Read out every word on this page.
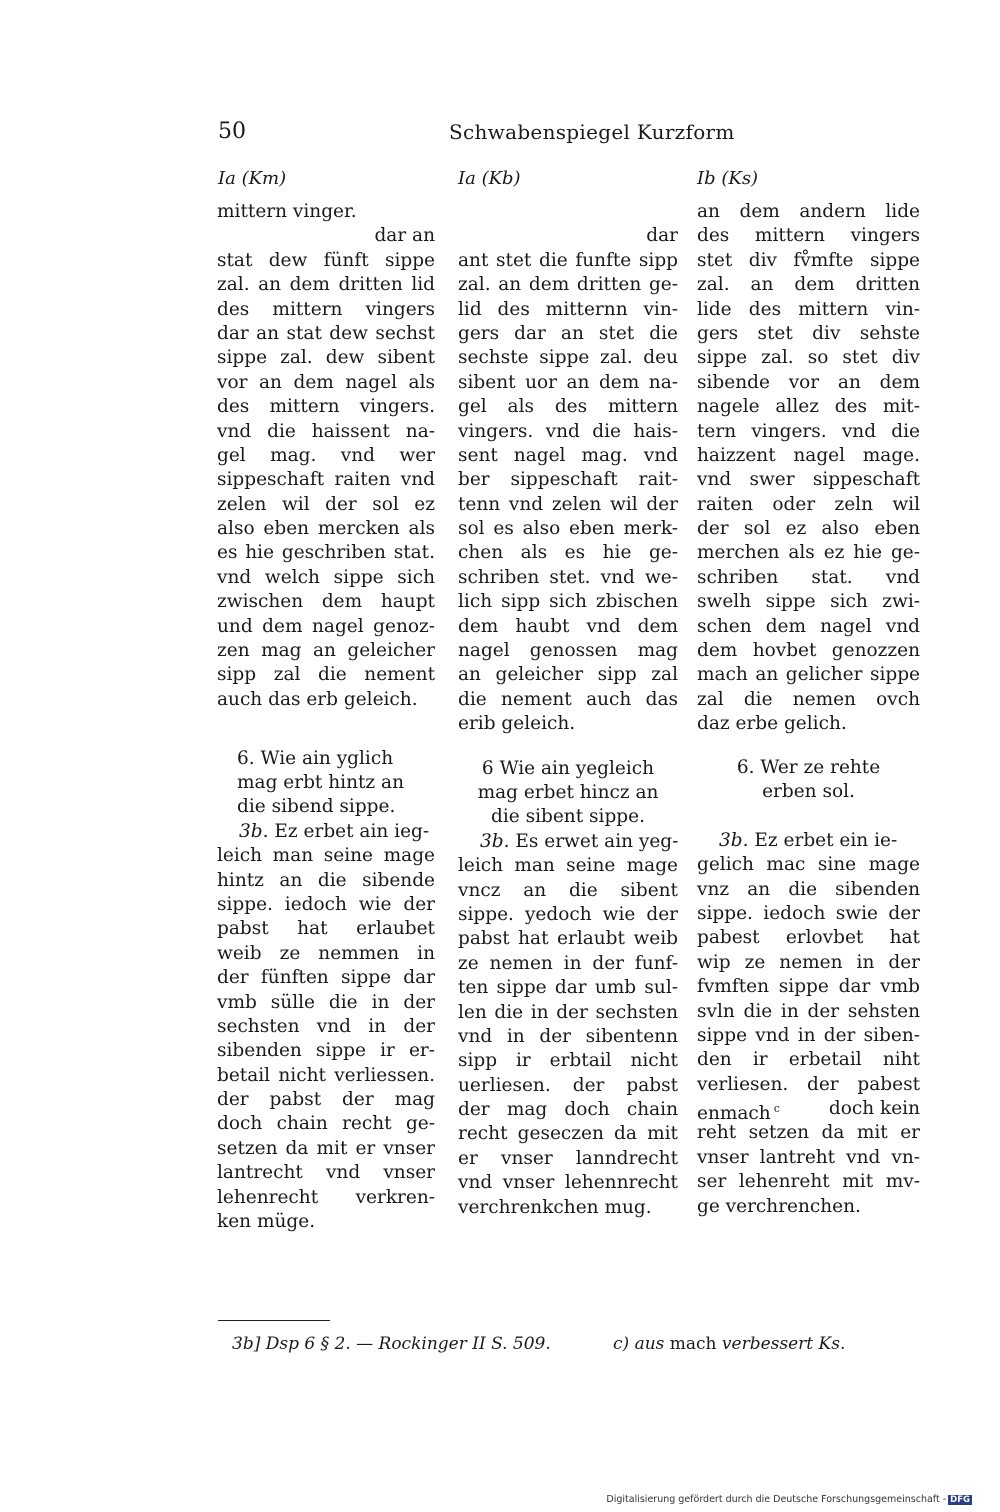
50	Schwabenspiegel Kurzform
Ia (Km)	Ia (Kb)	Ib (Ks)
mittern vinger.
dar an
stat dew fünft sippe
zal. an dem dritten lid
des mittern vingers
dar an stat dew sechst
sippe zal. dew sibent
vor an dem nagel als
des mittern vingers.
vnd die haissent na-
gel mag. vnd wer
sippeschaft raiten vnd
zelen wil der sol ez
also eben mercken als
es hie geschriben stat.
vnd welch sippe sich
zwischen dem haupt
und dem nagel genoz-
zen mag an geleicher
sipp zal die nement
auch das erb geleich.
6. Wie ain yglich
mag erbt hintz an
die sibend sippe.
3b. Ez erbet ain ieg-
leich man seine mage
hintz an die sibende
sippe. iedoch wie der
pabst hat erlaubet
weib ze nemmen in
der fünften sippe dar
vmb sülle die in der
sechsten vnd in der
sibenden sippe ir er-
betail nicht verliessen.
der pabst der mag
doch chain recht ge-
setzen da mit er vnser
lantrecht vnd vnser
lehenrecht verkren-
ken müge.
dar
ant stet die funfte sipp
zal. an dem dritten ge-
lid des mitternn vin-
gers dar an stet die
sechste sippe zal. deu
sibent uor an dem na-
gel als des mittern
vingers. vnd die hais-
sent nagel mag. vnd
ber sippeschaft rait-
tenn vnd zelen wil der
sol es also eben merk-
chen als es hie ge-
schriben stet. vnd we-
lich sipp sich zbischen
dem haubt vnd dem
nagel genossen mag
an geleicher sipp zal
die nement auch das
erib geleich.
6 Wie ain yegleich
mag erbet hincz an
die sibent sippe.
3b. Es erwet ain yeg-
leich man seine mage
vncz an die sibent
sippe. yedoch wie der
pabst hat erlaubt weib
ze nemen in der funf-
ten sippe dar umb sul-
len die in der sechsten
vnd in der sibentenn
sipp ir erbtail nicht
uerliesen. der pabst
der mag doch chain
recht geseczen da mit
er vnser lanndrecht
vnd vnser lehennrecht
verchrenkchen mug.
an dem andern lide
des mittern vingers
stet div fv̊mfte sippe
zal. an dem dritten
lide des mittern vin-
gers stet div sehste
sippe zal. so stet div
sibende vor an dem
nagele allez des mit-
tern vingers. vnd die
haizzent nagel mage.
vnd swer sippeschaft
raiten oder zeln wil
der sol ez also eben
merchen als ez hie ge-
schriben stat. vnd
swelh sippe sich zwi-
schen dem nagel vnd
dem hovbet genozzen
mach an gelicher sippe
zal die nemen ovch
daz erbe gelich.
6. Wer ze rehte
erben sol.
3b. Ez erbet ein ie-
gelich mac sine mage
vnz an die sibenden
sippe. iedoch swie der
pabest erlovbet hat
wip ze nemen in der
fvmften sippe dar vmb
svln die in der sehsten
sippe vnd in der siben-
den ir erbetail niht
verliesen. der pabest
enmach $^c$	doch kein
reht setzen da mit er
vnser lantreht vnd vn-
ser lehenreht mit mv-
ge verchrenchen.
3b] Dsp 6 § 2. — Rockinger II S. 509.	c) aus mach verbessert Ks.
Digitalisierung gefördert durch die Deutsche Forschungsgemeinschaft - DFG
